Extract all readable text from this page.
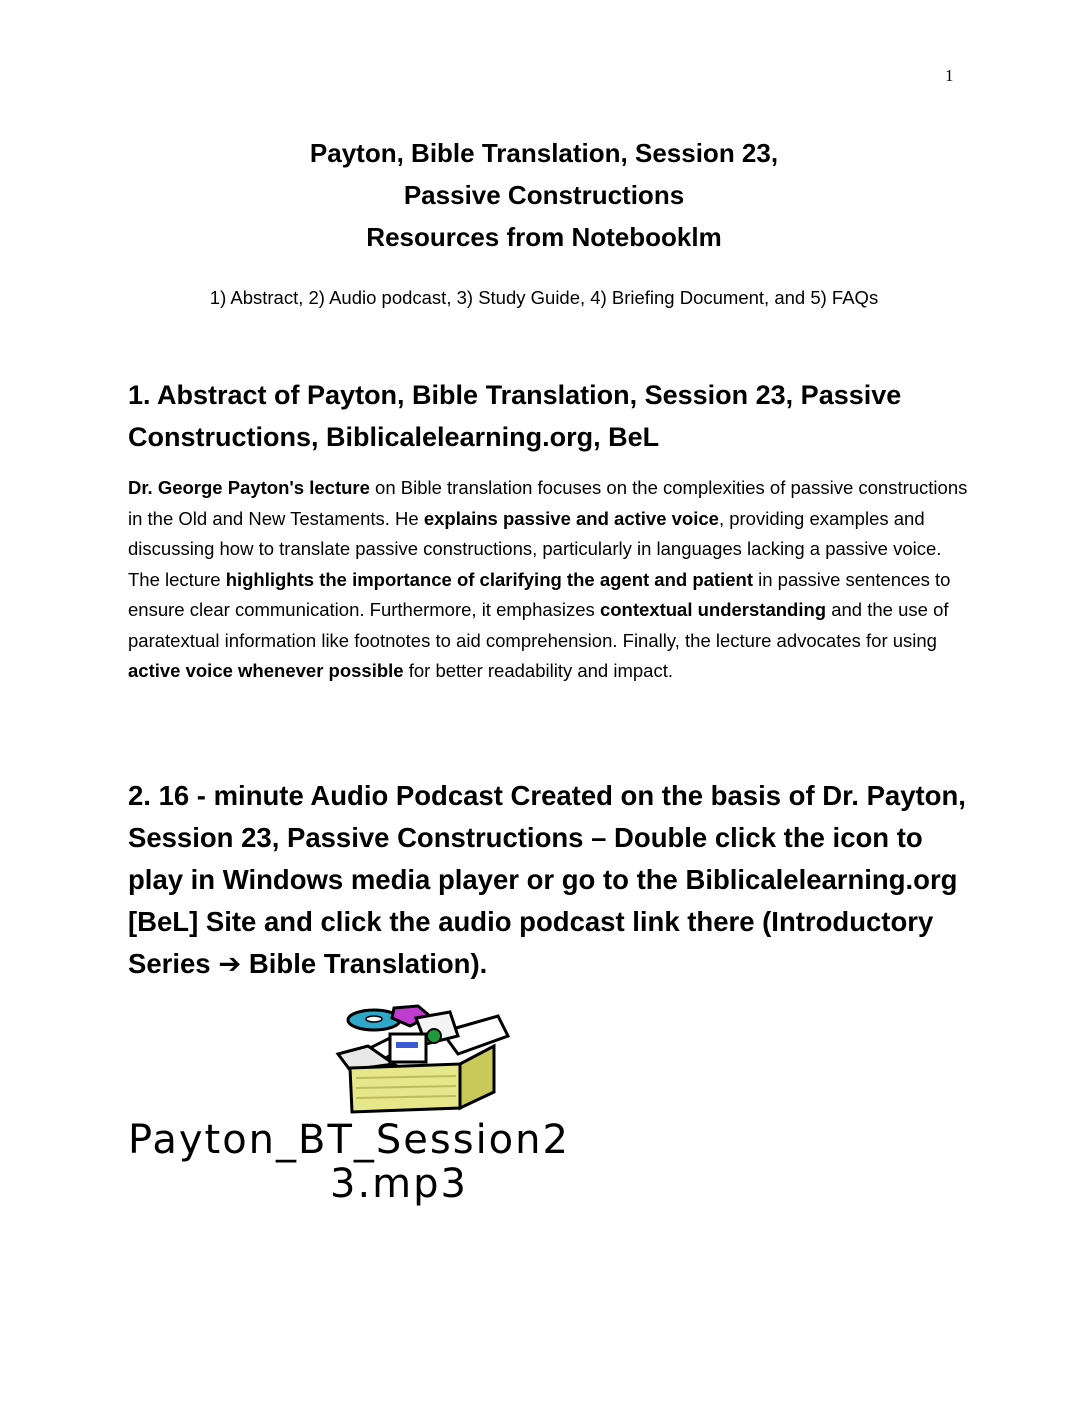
1
Payton, Bible Translation, Session 23,
Passive Constructions
Resources from Notebooklm
1) Abstract, 2) Audio podcast, 3) Study Guide, 4) Briefing Document, and 5) FAQs
1. Abstract of Payton, Bible Translation, Session 23, Passive Constructions, Biblicalelearning.org, BeL
Dr. George Payton's lecture on Bible translation focuses on the complexities of passive constructions in the Old and New Testaments. He explains passive and active voice, providing examples and discussing how to translate passive constructions, particularly in languages lacking a passive voice. The lecture highlights the importance of clarifying the agent and patient in passive sentences to ensure clear communication. Furthermore, it emphasizes contextual understanding and the use of paratextual information like footnotes to aid comprehension. Finally, the lecture advocates for using active voice whenever possible for better readability and impact.
2. 16 - minute Audio Podcast Created on the basis of Dr. Payton, Session 23, Passive Constructions – Double click the icon to play in Windows media player or go to the Biblicalelearning.org [BeL] Site and click the audio podcast link there (Introductory Series ➔ Bible Translation).
Payton_BT_Session2
3.mp3
